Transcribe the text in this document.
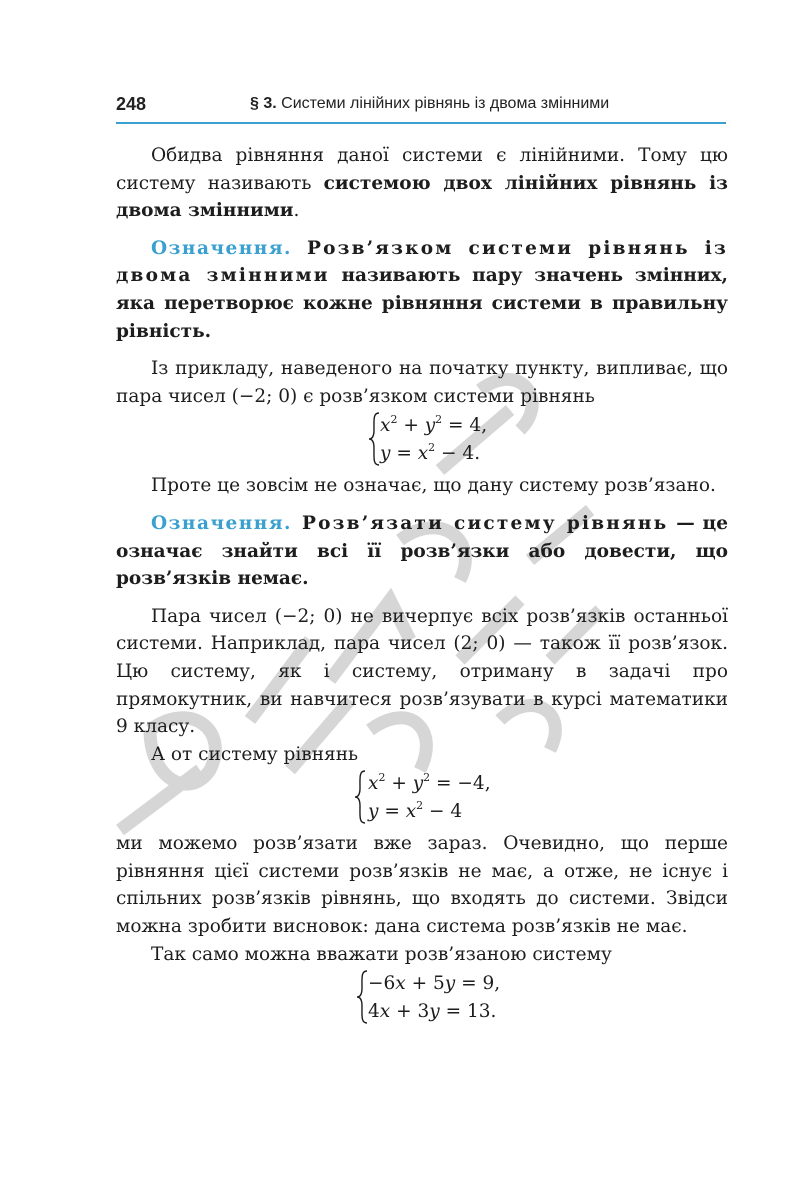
248	§ 3. Системи лінійних рівнянь із двома змінними

Обидва рівняння даної системи є лінійними. Тому цю систему називають системою двох лінійних рівнянь із двома змінними.

Означення. Розв’язком системи рівнянь із двома змінними називають пару значень змінних, яка перетворює кожне рівняння системи в правильну рівність.

Із прикладу, наведеного на початку пункту, випливає, що пара чисел (−2; 0) є розв’язком системи рівнянь

$x^2 + y^2 = 4$,
$y = x^2 - 4$.

Проте це зовсім не означає, що дану систему розв’язано.

Означення. Розв’язати систему рівнянь — це означає знайти всі її розв’язки або довести, що розв’язків немає.

Пара чисел (−2; 0) не вичерпує всіх розв’язків останньої системи. Наприклад, пара чисел (2; 0) — також її розв’язок. Цю систему, як і систему, отриману в задачі про прямокутник, ви навчитеся розв’язувати в курсі математики 9 класу.

А от систему рівнянь

$x^2 + y^2 = -4$,
$y = x^2 - 4$

ми можемо розв’язати вже зараз. Очевидно, що перше рівняння цієї системи розв’язків не має, а отже, не існує і спільних розв’язків рівнянь, що входять до системи. Звідси можна зробити висновок: дана система розв’язків не має.

Так само можна вважати розв’язаною систему

−6x + 5y = 9,
4x + 3y = 13.
